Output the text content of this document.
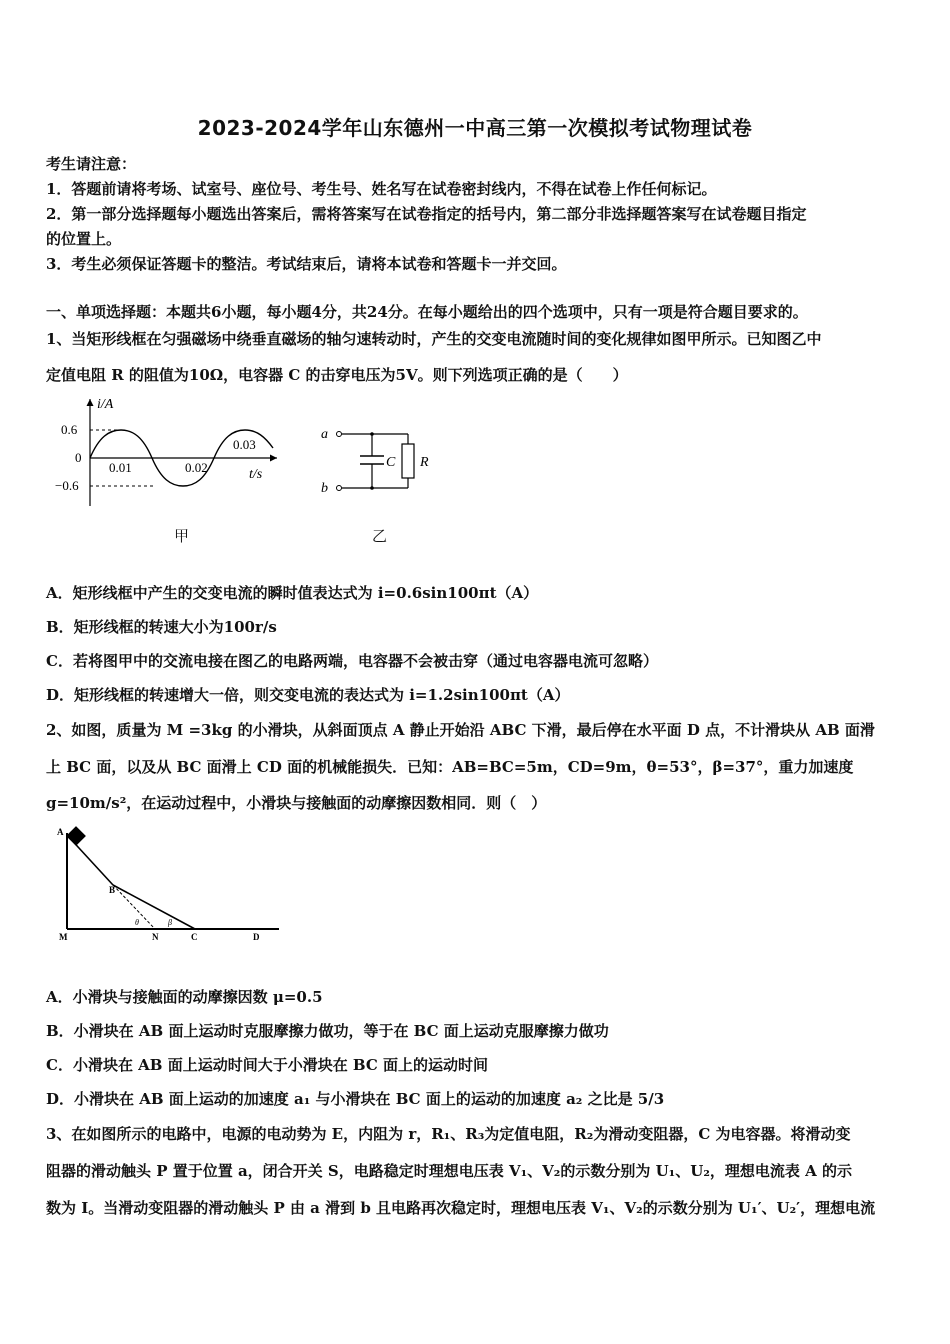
2023-2024学年山东德州一中高三第一次模拟考试物理试卷
考生请注意：
1．答题前请将考场、试室号、座位号、考生号、姓名写在试卷密封线内，不得在试卷上作任何标记。
2．第一部分选择题每小题选出答案后，需将答案写在试卷指定的括号内，第二部分非选择题答案写在试卷题目指定
的位置上。
3．考生必须保证答题卡的整洁。考试结束后，请将本试卷和答题卡一并交回。
一、单项选择题：本题共6小题，每小题4分，共24分。在每小题给出的四个选项中，只有一项是符合题目要求的。
1、当矩形线框在匀强磁场中绕垂直磁场的轴匀速转动时，产生的交变电流随时间的变化规律如图甲所示。已知图乙中
定值电阻 R 的阻值为10Ω，电容器 C 的击穿电压为5V。则下列选项正确的是（　　）
i/A
0.6
0
−0.6
0.01	0.02
0.03
t/s
甲
a
b
C R
乙
A．矩形线框中产生的交变电流的瞬时值表达式为 i=0.6sin100πt（A）
B．矩形线框的转速大小为100r/s
C．若将图甲中的交流电接在图乙的电路两端，电容器不会被击穿（通过电容器电流可忽略）
D．矩形线框的转速增大一倍，则交变电流的表达式为 i=1.2sin100πt（A）
2、如图，质量为 M =3kg 的小滑块，从斜面顶点 A 静止开始沿 ABC 下滑，最后停在水平面 D 点，不计滑块从 AB 面滑
上 BC 面，以及从 BC 面滑上 CD 面的机械能损失．已知：AB=BC=5m，CD=9m，θ=53°，β=37°，重力加速度
g=10m/s²，在运动过程中，小滑块与接触面的动摩擦因数相同．则（　）
A
B
M	N	C	D
θ	β
A．小滑块与接触面的动摩擦因数 μ=0.5
B．小滑块在 AB 面上运动时克服摩擦力做功，等于在 BC 面上运动克服摩擦力做功
C．小滑块在 AB 面上运动时间大于小滑块在 BC 面上的运动时间
D．小滑块在 AB 面上运动的加速度 a₁ 与小滑块在 BC 面上的运动的加速度 a₂ 之比是 5/3
3、在如图所示的电路中，电源的电动势为 E，内阻为 r，R₁、R₃为定值电阻，R₂为滑动变阻器，C 为电容器。将滑动变
阻器的滑动触头 P 置于位置 a，闭合开关 S，电路稳定时理想电压表 V₁、V₂的示数分别为 U₁、U₂，理想电流表 A 的示
数为 I。当滑动变阻器的滑动触头 P 由 a 滑到 b 且电路再次稳定时，理想电压表 V₁、V₂的示数分别为 U₁′、U₂′，理想电流
